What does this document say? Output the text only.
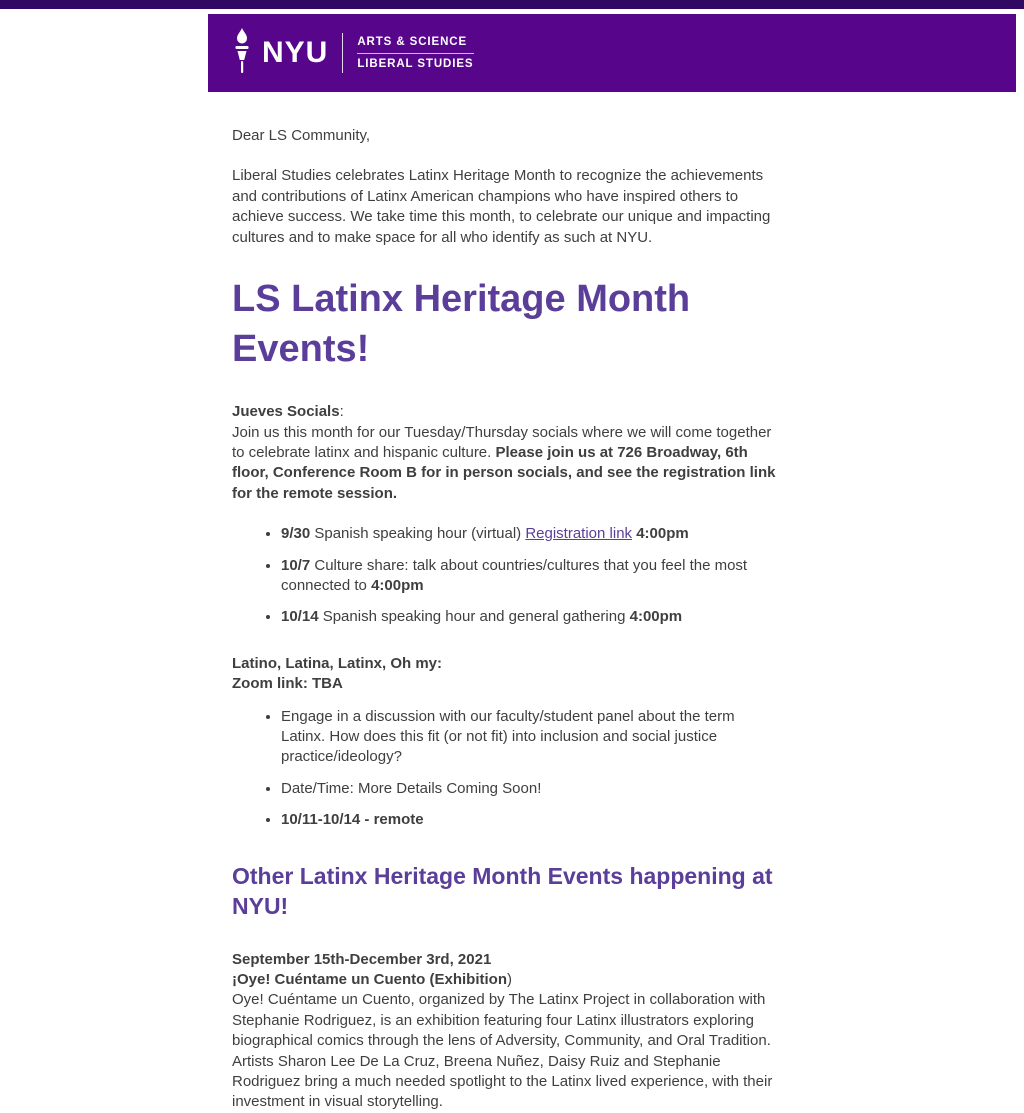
NYU	ARTS & SCIENCE
LIBERAL STUDIES

Dear LS Community,

Liberal Studies celebrates Latinx Heritage Month to recognize the achievements and contributions of Latinx American champions who have inspired others to achieve success. We take time this month, to celebrate our unique and impacting cultures and to make space for all who identify as such at NYU.

LS Latinx Heritage Month Events!

Jueves Socials:
Join us this month for our Tuesday/Thursday socials where we will come together to celebrate latinx and hispanic culture. Please join us at 726 Broadway, 6th floor, Conference Room B for in person socials, and see the registration link for the remote session.

• 9/30 Spanish speaking hour (virtual) Registration link 4:00pm
• 10/7 Culture share: talk about countries/cultures that you feel the most connected to 4:00pm
• 10/14 Spanish speaking hour and general gathering 4:00pm
Latino, Latina, Latinx, Oh my:
Zoom link: TBA
• Engage in a discussion with our faculty/student panel about the term Latinx. How does this fit (or not fit) into inclusion and social justice practice/ideology?
• Date/Time: More Details Coming Soon!
• 10/11-10/14 - remote
Other Latinx Heritage Month Events happening at NYU!
September 15th-December 3rd, 2021
¡Oye! Cuéntame un Cuento (Exhibition)

Oye! Cuéntame un Cuento, organized by The Latinx Project in collaboration with Stephanie Rodriguez, is an exhibition featuring four Latinx illustrators exploring biographical comics through the lens of Adversity, Community, and Oral Tradition. Artists Sharon Lee De La Cruz, Breena Nuñez, Daisy Ruiz and Stephanie Rodriguez bring a much needed spotlight to the Latinx lived experience, with their investment in visual storytelling.
